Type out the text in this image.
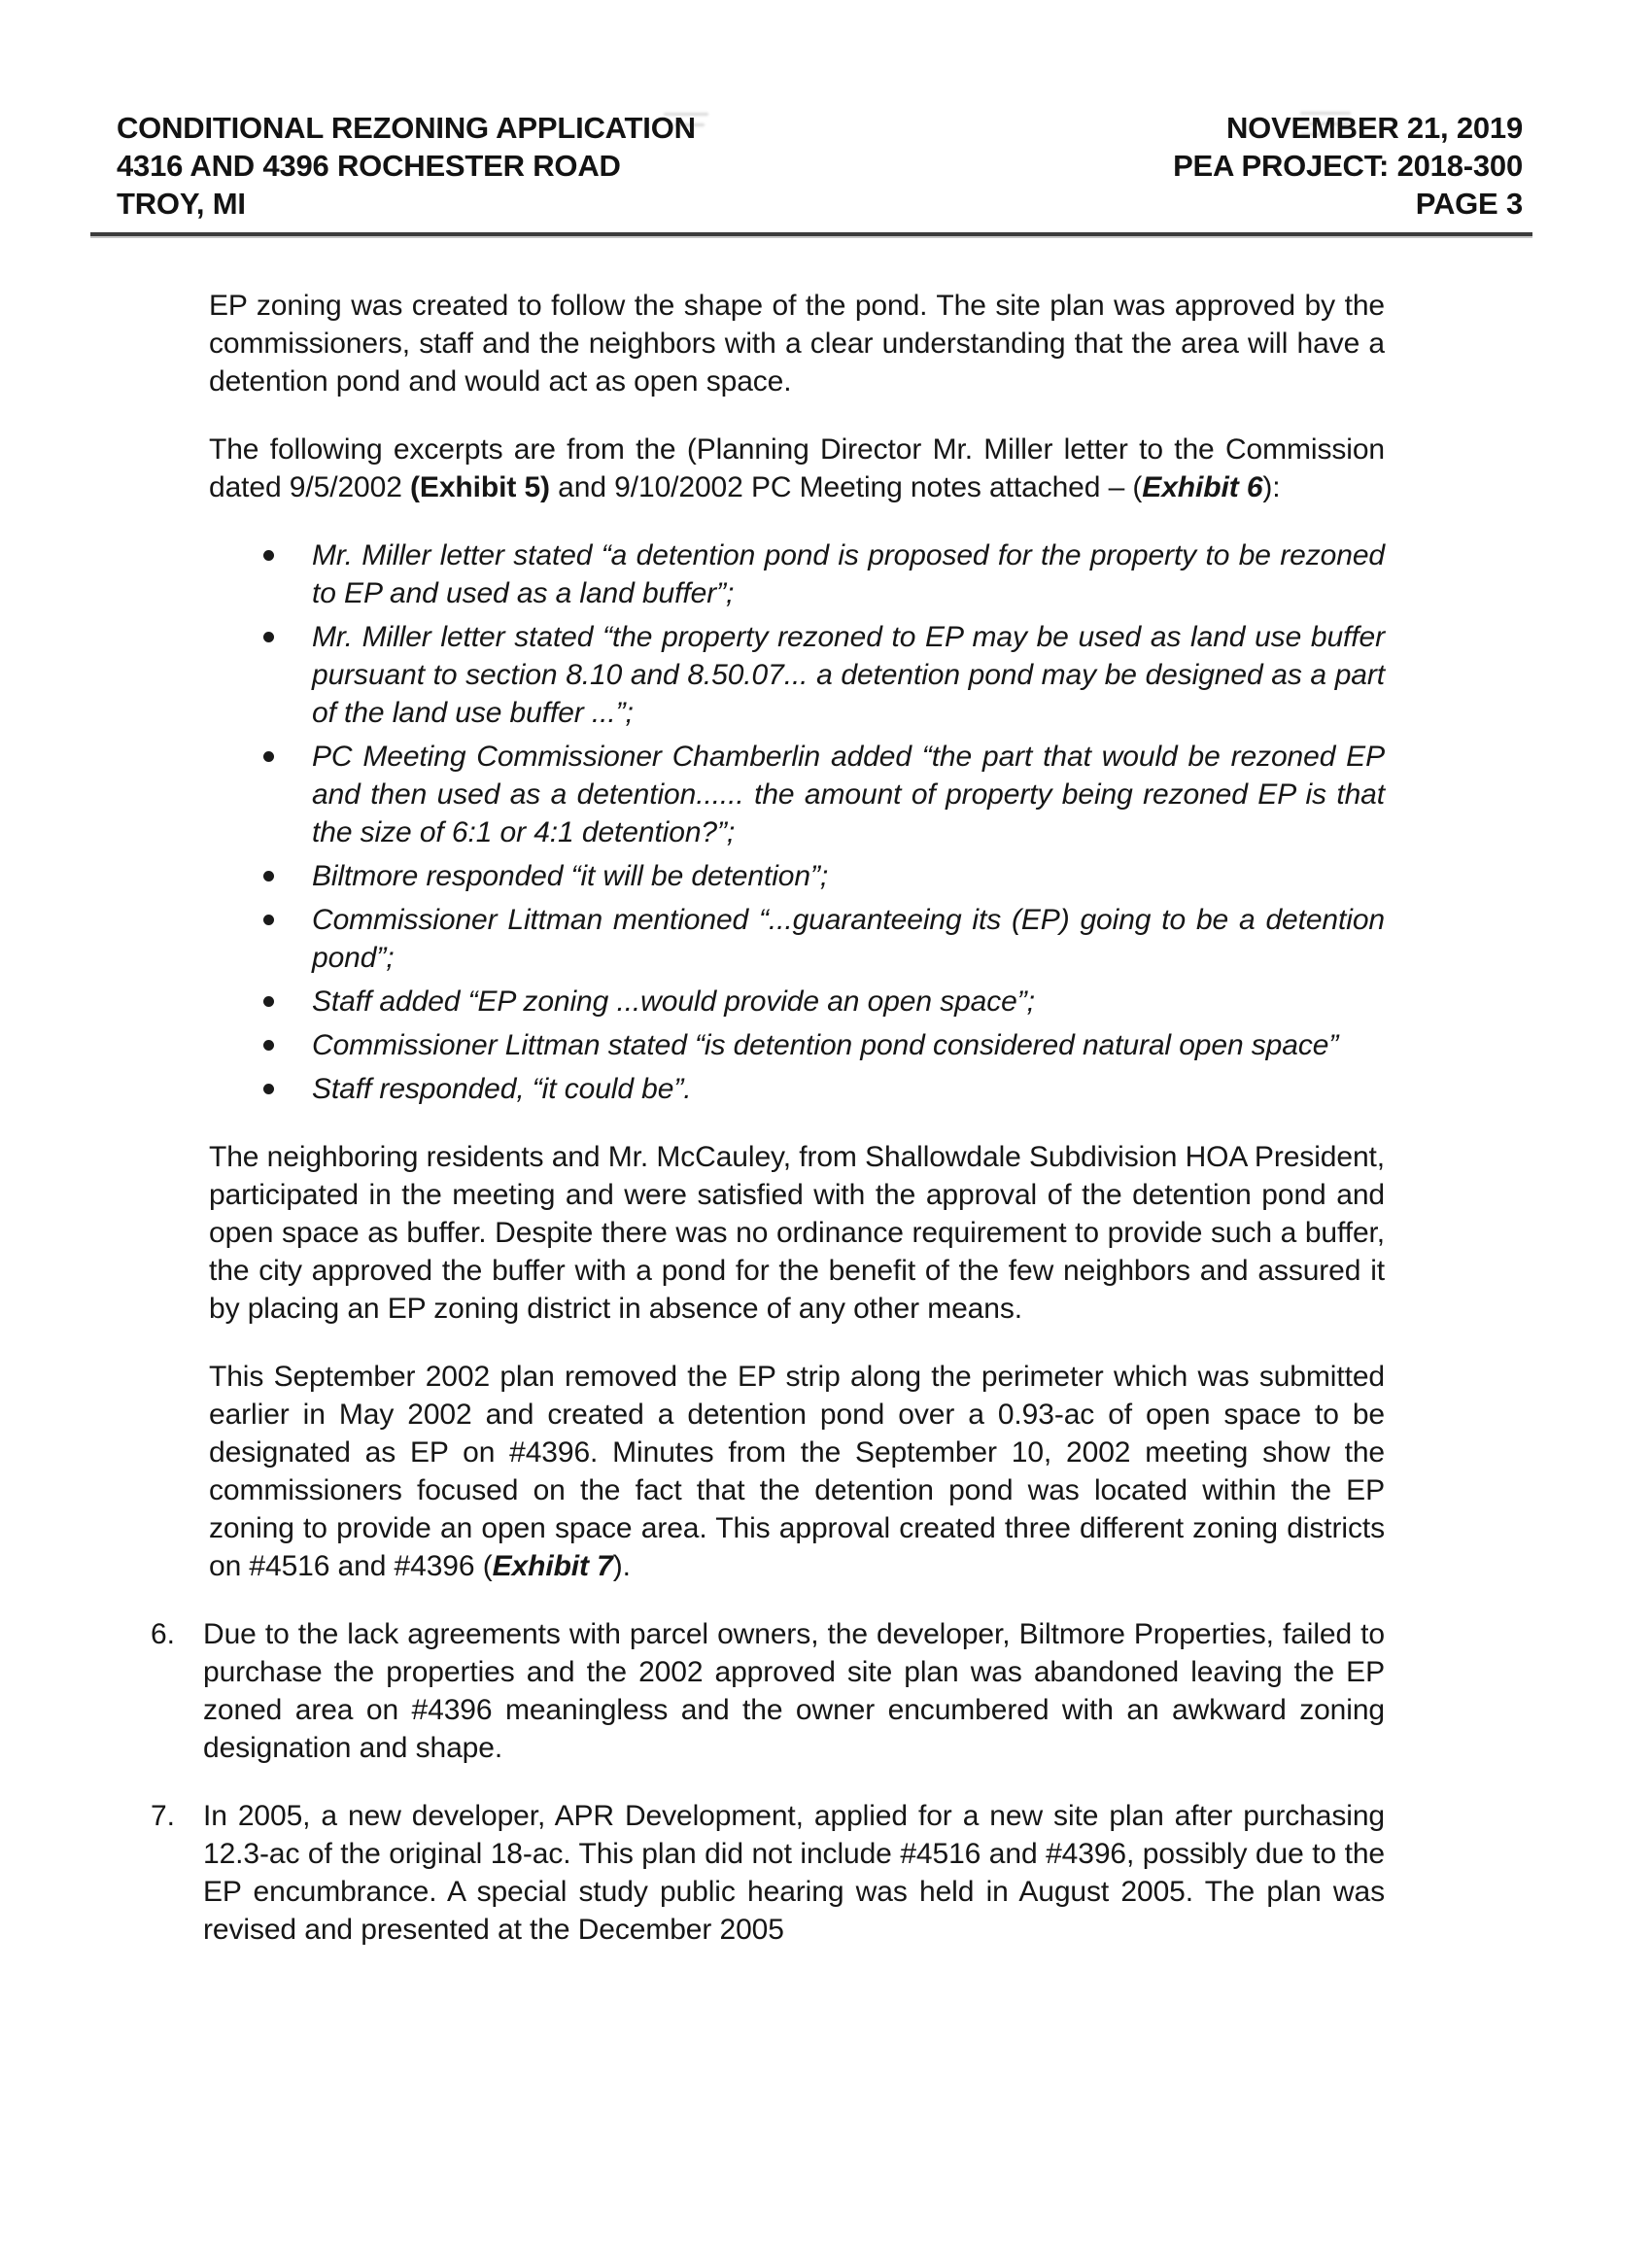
CONDITIONAL REZONING APPLICATION
4316 AND 4396 ROCHESTER ROAD
TROY, MI
NOVEMBER 21, 2019
PEA PROJECT: 2018-300
PAGE 3

EP zoning was created to follow the shape of the pond. The site plan was approved by the commissioners, staff and the neighbors with a clear understanding that the area will have a detention pond and would act as open space.

The following excerpts are from the (Planning Director Mr. Miller letter to the Commission dated 9/5/2002 (Exhibit 5) and 9/10/2002 PC Meeting notes attached – (Exhibit 6):

Mr. Miller letter stated “a detention pond is proposed for the property to be rezoned to EP and used as a land buffer”;
Mr. Miller letter stated “the property rezoned to EP may be used as land use buffer pursuant to section 8.10 and 8.50.07... a detention pond may be designed as a part of the land use buffer ...”;
PC Meeting Commissioner Chamberlin added “the part that would be rezoned EP and then used as a detention...... the amount of property being rezoned EP is that the size of 6:1 or 4:1 detention?”;
Biltmore responded “it will be detention”;
Commissioner Littman mentioned “...guaranteeing its (EP) going to be a detention pond”;
Staff added “EP zoning ...would provide an open space”;
Commissioner Littman stated “is detention pond considered natural open space”
Staff responded, “it could be”.

The neighboring residents and Mr. McCauley, from Shallowdale Subdivision HOA President, participated in the meeting and were satisfied with the approval of the detention pond and open space as buffer. Despite there was no ordinance requirement to provide such a buffer, the city approved the buffer with a pond for the benefit of the few neighbors and assured it by placing an EP zoning district in absence of any other means.

This September 2002 plan removed the EP strip along the perimeter which was submitted earlier in May 2002 and created a detention pond over a 0.93-ac of open space to be designated as EP on #4396. Minutes from the September 10, 2002 meeting show the commissioners focused on the fact that the detention pond was located within the EP zoning to provide an open space area. This approval created three different zoning districts on #4516 and #4396 (Exhibit 7).

6. Due to the lack agreements with parcel owners, the developer, Biltmore Properties, failed to purchase the properties and the 2002 approved site plan was abandoned leaving the EP zoned area on #4396 meaningless and the owner encumbered with an awkward zoning designation and shape.
7. In 2005, a new developer, APR Development, applied for a new site plan after purchasing 12.3-ac of the original 18-ac. This plan did not include #4516 and #4396, possibly due to the EP encumbrance. A special study public hearing was held in August 2005. The plan was revised and presented at the December 2005
